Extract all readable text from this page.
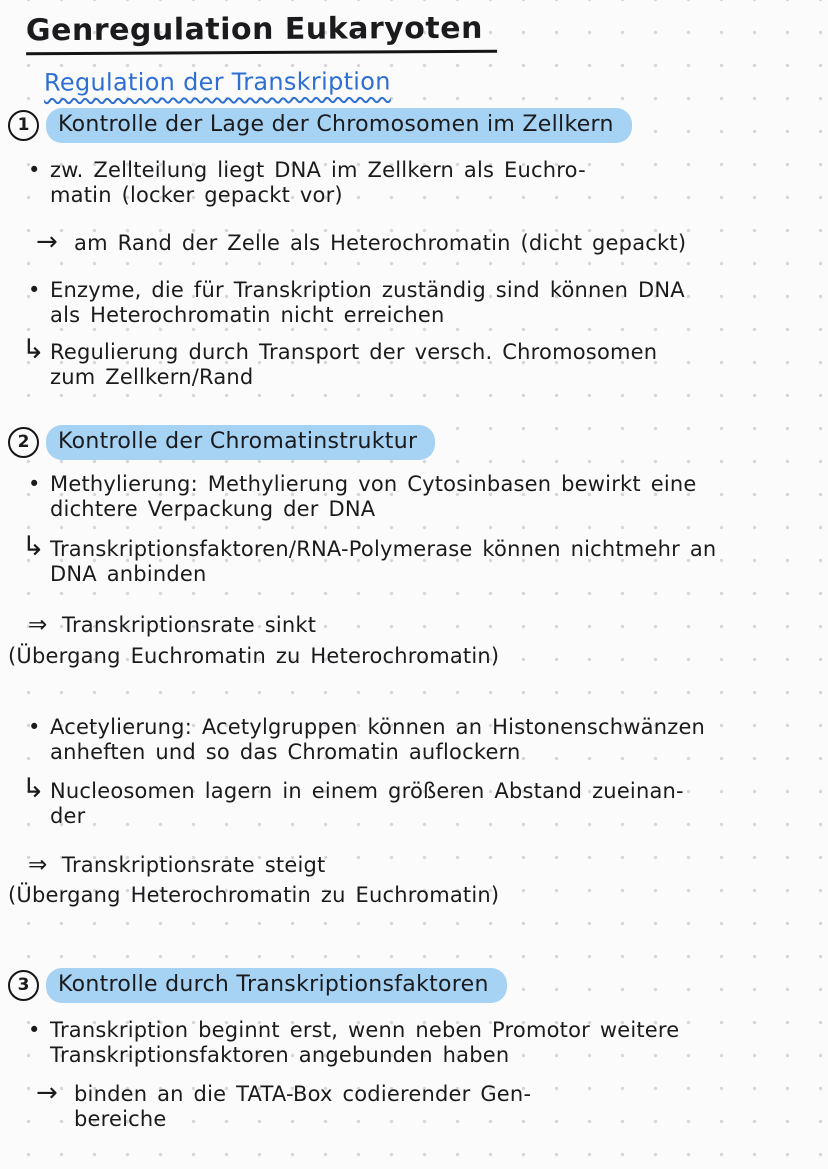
Genregulation Eukaryoten
Regulation der Transkription
1	Kontrolle der Lage der Chromosomen im Zellkern
• zw. Zellteilung liegt DNA im Zellkern als Euchro-
matin (locker gepackt vor)
→ am Rand der Zelle als Heterochromatin (dicht gepackt)
• Enzyme, die für Transkription zuständig sind können DNA
als Heterochromatin nicht erreichen
↳ Regulierung durch Transport der versch. Chromosomen
zum Zellkern/Rand
2	Kontrolle der Chromatinstruktur
• Methylierung: Methylierung von Cytosinbasen bewirkt eine
dichtere Verpackung der DNA
↳ Transkriptionsfaktoren/RNA-Polymerase können nichtmehr an
DNA anbinden
⇒ Transkriptionsrate sinkt
(Übergang Euchromatin zu Heterochromatin)
• Acetylierung: Acetylgruppen können an Histonenschwänzen
anheften und so das Chromatin auflockern
↳ Nucleosomen lagern in einem größeren Abstand zueinan-
der
⇒ Transkriptionsrate steigt
(Übergang Heterochromatin zu Euchromatin)
3	Kontrolle durch Transkriptionsfaktoren
• Transkription beginnt erst, wenn neben Promotor weitere
Transkriptionsfaktoren angebunden haben
→ binden an die TATA-Box codierender Gen-
bereiche
